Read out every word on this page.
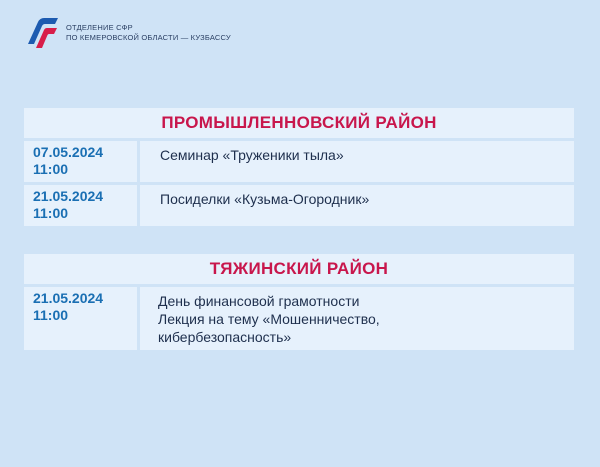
ОТДЕЛЕНИЕ СФР
ПО КЕМЕРОВСКОЙ ОБЛАСТИ — КУЗБАССУ
ПРОМЫШЛЕННОВСКИЙ РАЙОН
07.05.2024
11:00
Семинар «Труженики тыла»
21.05.2024
11:00
Посиделки «Кузьма-Огородник»
ТЯЖИНСКИЙ РАЙОН
21.05.2024
11:00
День финансовой грамотности
Лекция на тему «Мошенничество,
кибербезопасность»
